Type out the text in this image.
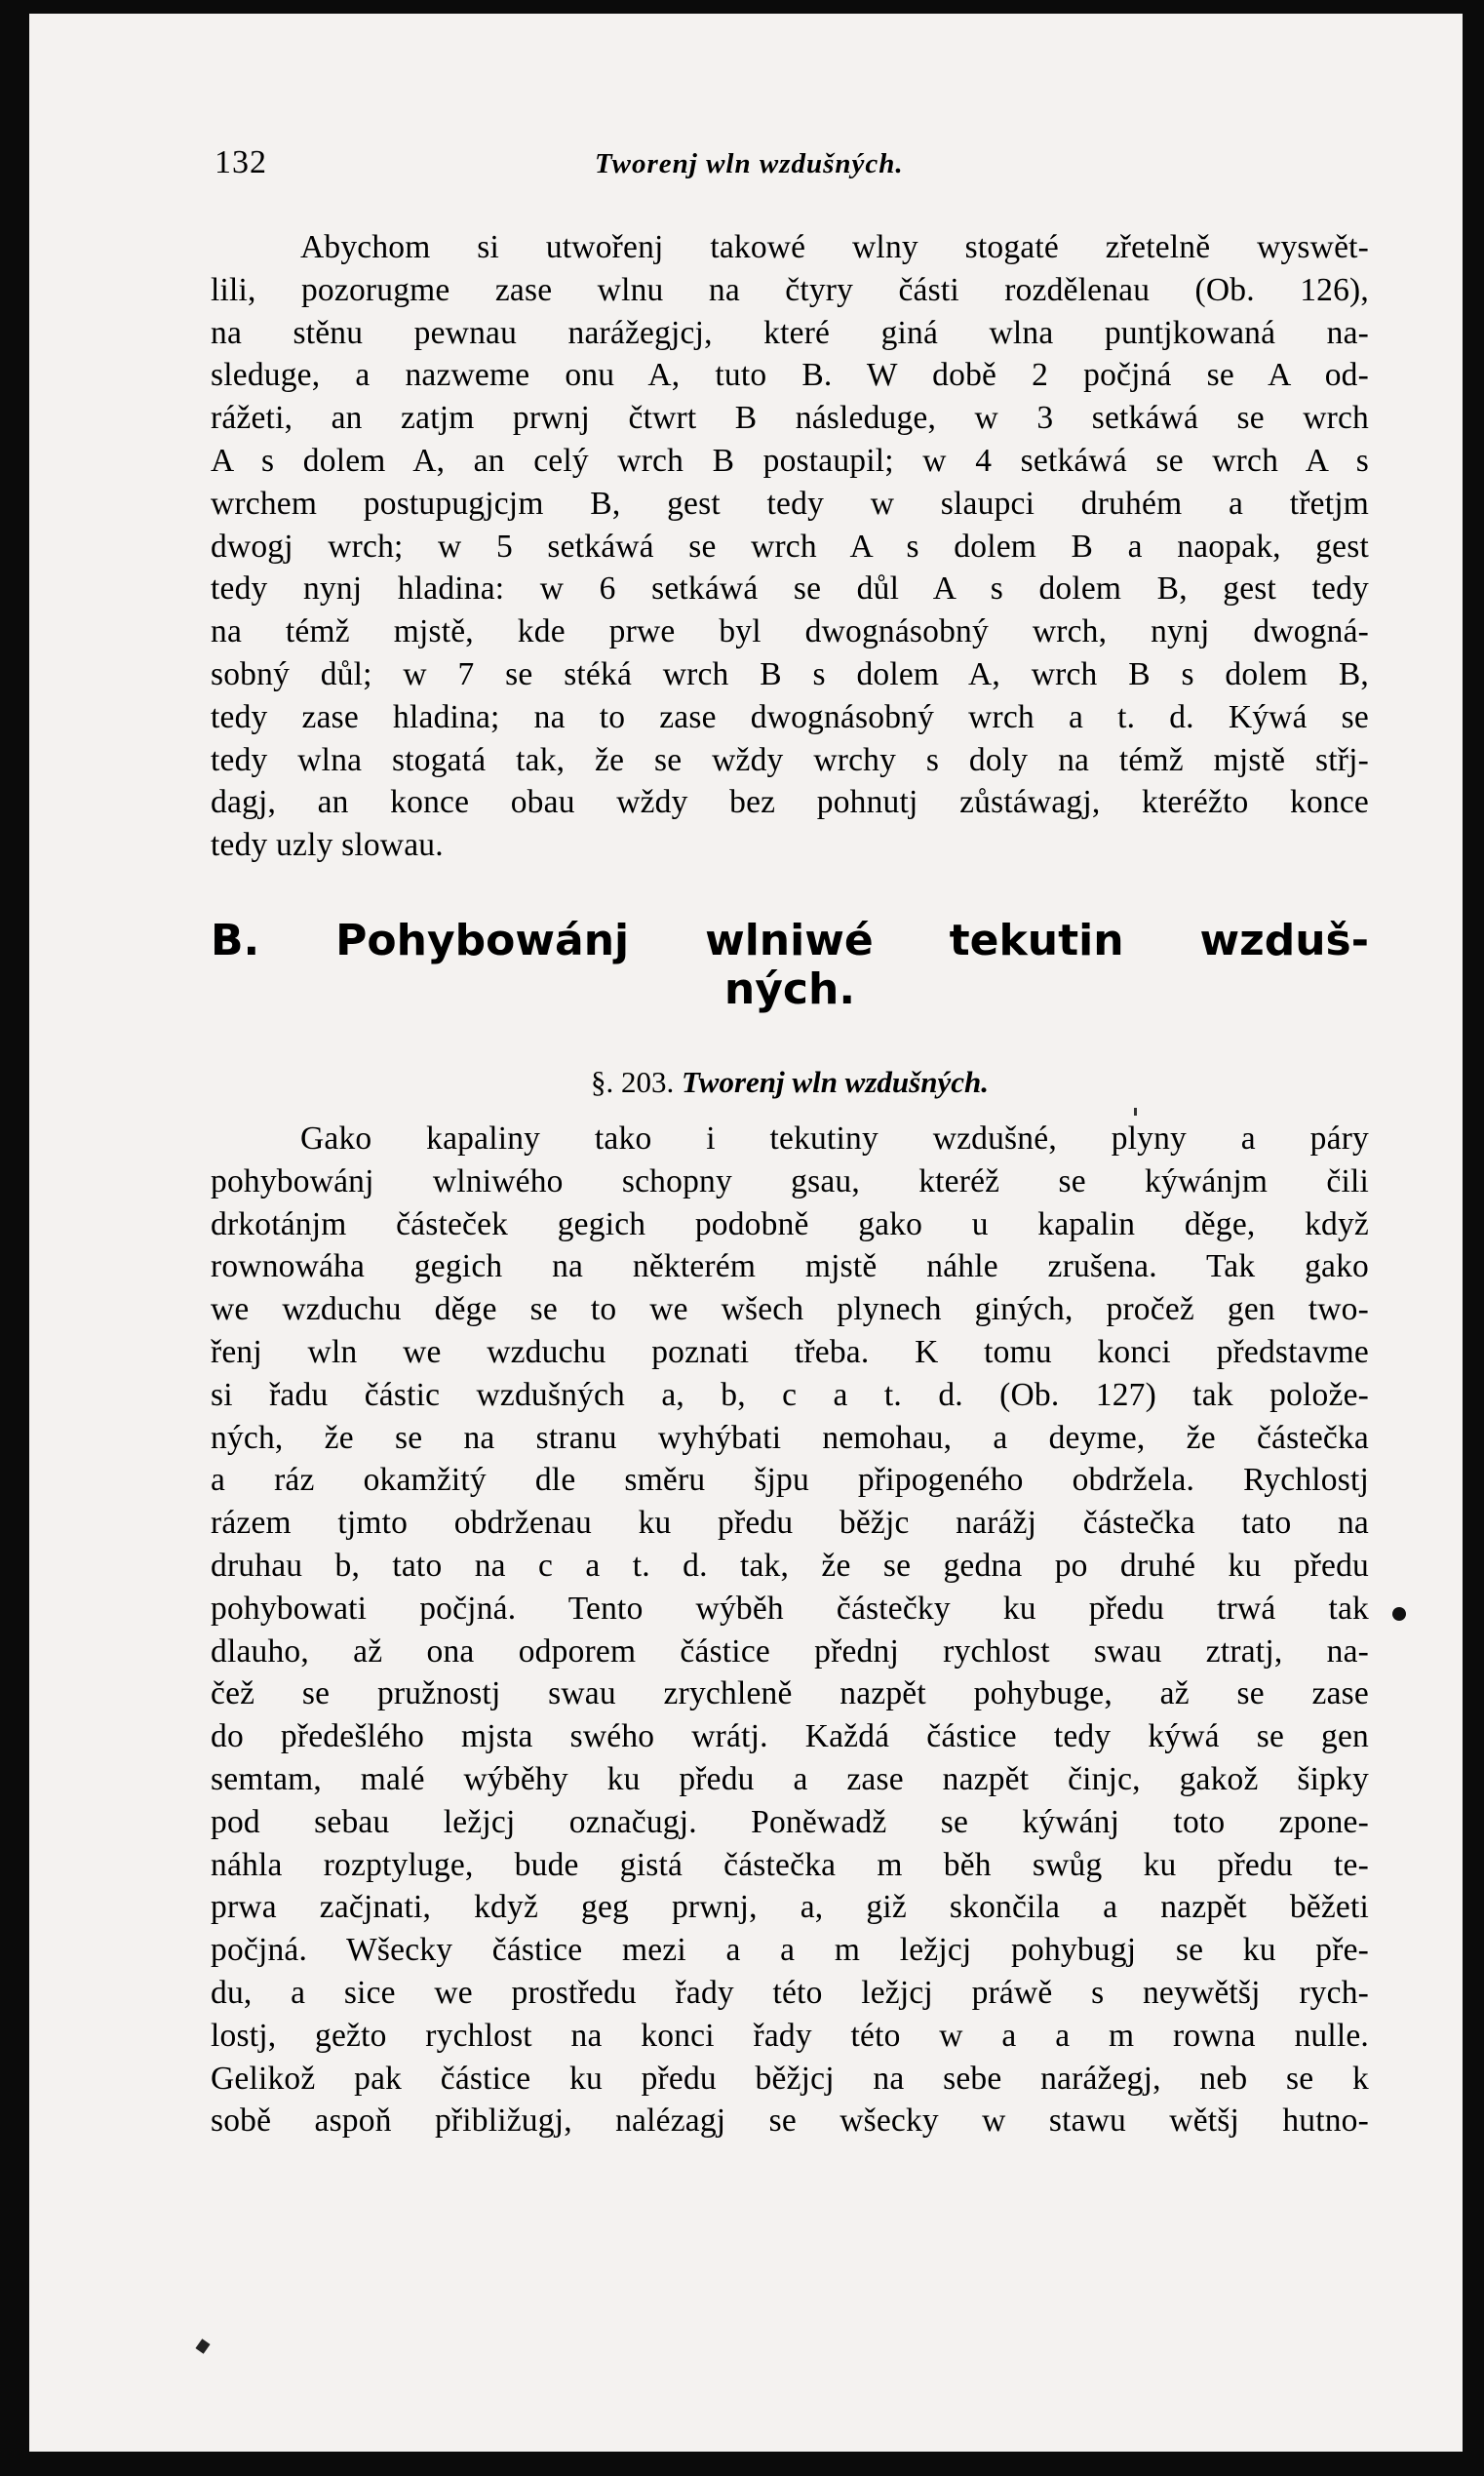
132	Tworenj wln wzdušných.
Abychom si utwořenj takowé wlny stogaté zřetelně wyswět-
lili, pozorugme zase wlnu na čtyry části rozdělenau (Ob. 126),
na stěnu pewnau narážegjcj, které giná wlna puntjkowaná na-
sleduge, a nazweme onu A, tuto B. W době 2 počjná se A od-
rážeti, an zatjm prwnj čtwrt B následuge, w 3 setkáwá se wrch
A s dolem A, an celý wrch B postaupil; w 4 setkáwá se wrch A s
wrchem postupugjcjm B, gest tedy w slaupci druhém a třetjm
dwogj wrch; w 5 setkáwá se wrch A s dolem B a naopak, gest
tedy nynj hladina: w 6 setkáwá se důl A s dolem B, gest tedy
na témž mjstě, kde prwe byl dwognásobný wrch, nynj dwogná-
sobný důl; w 7 se stéká wrch B s dolem A, wrch B s dolem B,
tedy zase hladina; na to zase dwognásobný wrch a t. d. Kýwá se
tedy wlna stogatá tak, že se wždy wrchy s doly na témž mjstě střj-
dagj, an konce obau wždy bez pohnutj zůstáwagj, kteréžto konce
tedy uzly slowau.
B. Pohybowánj wlniwé tekutin wzduš-
ných.
§. 203. Tworenj wln wzdušných.
Gako kapaliny tako i tekutiny wzdušné, plyny a páry
pohybowánj wlniwého schopny gsau, kteréž se kýwánjm čili
drkotánjm částeček gegich podobně gako u kapalin děge, když
rownowáha gegich na některém mjstě náhle zrušena. Tak gako
we wzduchu děge se to we wšech plynech giných, pročež gen two-
řenj wln we wzduchu poznati třeba. K tomu konci představme
si řadu částic wzdušných a, b, c a t. d. (Ob. 127) tak polože-
ných, že se na stranu wyhýbati nemohau, a deyme, že částečka
a ráz okamžitý dle směru šjpu připogeného obdržela. Rychlostj
rázem tjmto obdrženau ku předu běžjc narážj částečka tato na
druhau b, tato na c a t. d. tak, že se gedna po druhé ku předu
pohybowati počjná. Tento wýběh částečky ku předu trwá tak
dlauho, až ona odporem částice přednj rychlost swau ztratj, na-
čež se pružnostj swau zrychleně nazpět pohybuge, až se zase
do předešlého mjsta swého wrátj. Každá částice tedy kýwá se gen
semtam, malé wýběhy ku předu a zase nazpět činjc, gakož šipky
pod sebau ležjcj označugj. Poněwadž se kýwánj toto zpone-
náhla rozptyluge, bude gistá částečka m běh swůg ku předu te-
prwa začjnati, když geg prwnj, a, giž skončila a nazpět běžeti
počjná. Wšecky částice mezi a a m ležjcj pohybugj se ku pře-
du, a sice we prostředu řady této ležjcj práwě s neywětšj rych-
lostj, gežto rychlost na konci řady této w a a m rowna nulle.
Gelikož pak částice ku předu běžjcj na sebe narážegj, neb se k
sobě aspoň přibližugj, nalézagj se wšecky w stawu wětšj hutno-
